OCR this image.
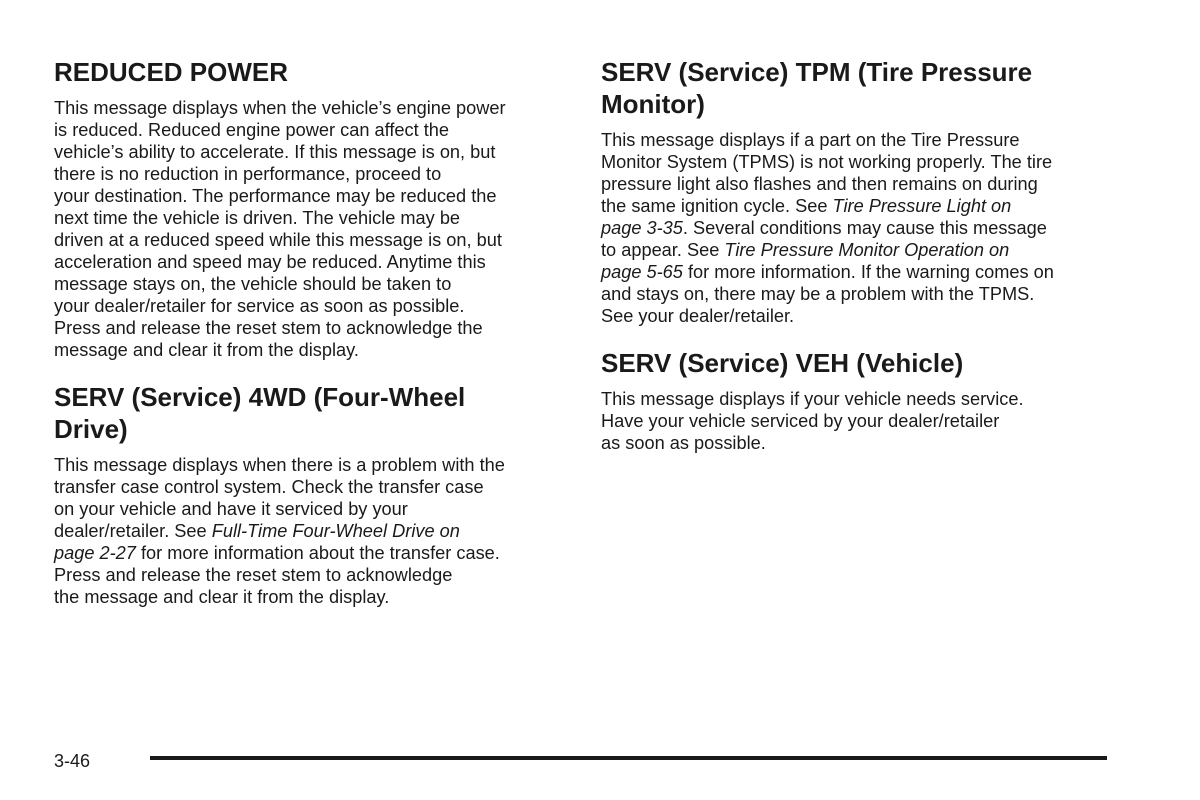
REDUCED POWER

This message displays when the vehicle’s engine power
is reduced. Reduced engine power can affect the
vehicle’s ability to accelerate. If this message is on, but
there is no reduction in performance, proceed to
your destination. The performance may be reduced the
next time the vehicle is driven. The vehicle may be
driven at a reduced speed while this message is on, but
acceleration and speed may be reduced. Anytime this
message stays on, the vehicle should be taken to
your dealer/retailer for service as soon as possible.
Press and release the reset stem to acknowledge the
message and clear it from the display.

SERV (Service) 4WD (Four-Wheel
Drive)

This message displays when there is a problem with the
transfer case control system. Check the transfer case
on your vehicle and have it serviced by your
dealer/retailer. See Full-Time Four-Wheel Drive on
page 2-27 for more information about the transfer case.
Press and release the reset stem to acknowledge
the message and clear it from the display.

SERV (Service) TPM (Tire Pressure
Monitor)

This message displays if a part on the Tire Pressure
Monitor System (TPMS) is not working properly. The tire
pressure light also flashes and then remains on during
the same ignition cycle. See Tire Pressure Light on
page 3-35. Several conditions may cause this message
to appear. See Tire Pressure Monitor Operation on
page 5-65 for more information. If the warning comes on
and stays on, there may be a problem with the TPMS.
See your dealer/retailer.

SERV (Service) VEH (Vehicle)

This message displays if your vehicle needs service.
Have your vehicle serviced by your dealer/retailer
as soon as possible.

3-46
